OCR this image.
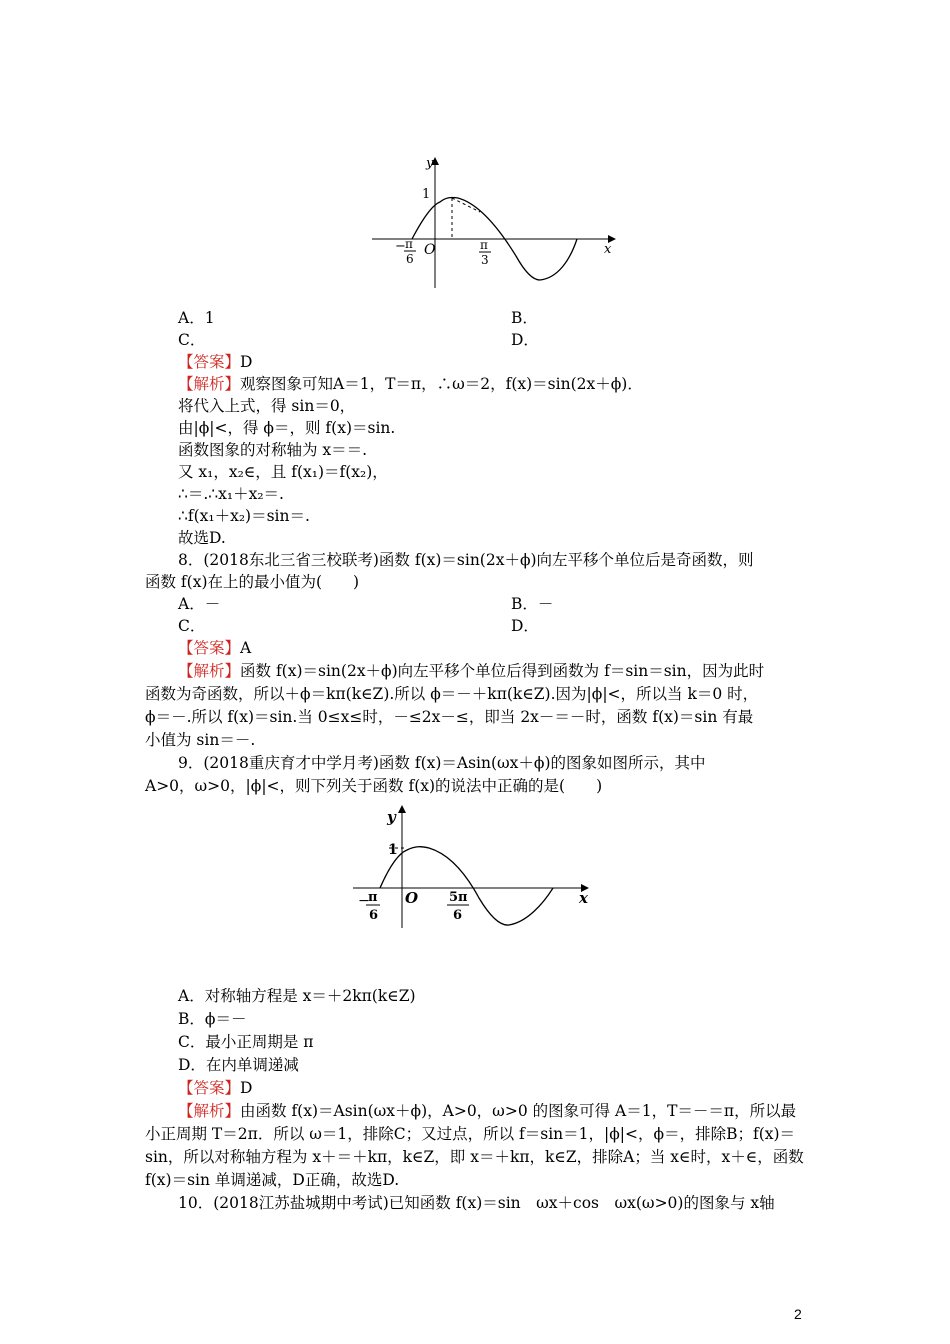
y
x
O
1
− π
6
π
3
A．1	B．
C．	D．
【答案】D
【解析】观察图象可知A＝1，T＝π，∴ω＝2，f(x)＝sin(2x＋ϕ)．
将代入上式，得 sin＝0，
由|ϕ|<，得 ϕ＝，则 f(x)＝sin.
函数图象的对称轴为 x＝＝.
又 x₁，x₂∈，且 f(x₁)＝f(x₂)，
∴＝.∴x₁＋x₂＝.
∴f(x₁＋x₂)＝sin＝.
故选D.
8．(2018东北三省三校联考)函数 f(x)＝sin(2x＋ϕ)向左平移个单位后是奇函数，则
函数 f(x)在上的最小值为(　　)
A．－	B．－
C．	D．
【答案】A
【解析】函数 f(x)＝sin(2x＋ϕ)向左平移个单位后得到函数为 f＝sin＝sin，因为此时
函数为奇函数，所以＋ϕ＝kπ(k∈Z).所以 ϕ＝－＋kπ(k∈Z).因为|ϕ|<，所以当 k＝0 时，
ϕ＝－.所以 f(x)＝sin.当 0≤x≤时，－≤2x－≤，即当 2x－＝－时，函数 f(x)＝sin 有最
小值为 sin＝－.
9．(2018重庆育才中学月考)函数 f(x)＝Asin(ωx＋ϕ)的图象如图所示，其中
A>0，ω>0，|ϕ|<，则下列关于函数 f(x)的说法中正确的是(　　)
y
x
O
1
−
π
6
5π
6
A．对称轴方程是 x＝＋2kπ(k∈Z)
B．ϕ＝－
C．最小正周期是 π
D．在内单调递减
【答案】D
【解析】由函数 f(x)＝Asin(ωx＋ϕ)，A>0，ω>0 的图象可得 A＝1，T＝－＝π，所以最
小正周期 T＝2π．所以 ω＝1，排除C；又过点，所以 f＝sin＝1，|ϕ|<，ϕ＝，排除B；f(x)＝
sin，所以对称轴方程为 x＋＝＋kπ，k∈Z，即 x＝＋kπ，k∈Z，排除A；当 x∈时，x＋∈，函数
f(x)＝sin 单调递减，D正确，故选D.
10．(2018江苏盐城期中考试)已知函数 f(x)＝sin　ωx＋cos　ωx(ω>0)的图象与 x轴
2
